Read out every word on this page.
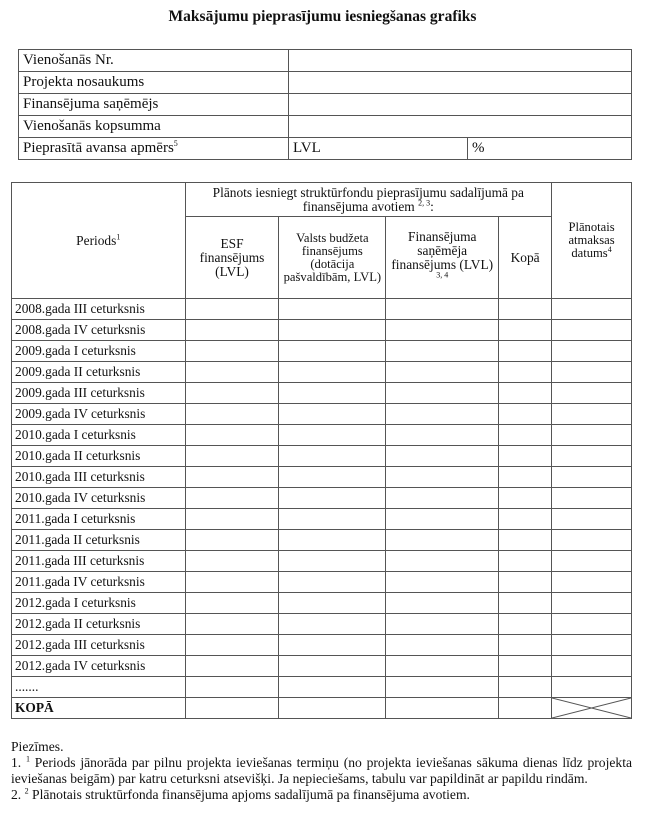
Maksājumu pieprasījumu iesniegšanas grafiks
Vienošanās Nr.		
Projekta nosaukums		
Finansējuma saņēmējs		
Vienošanās kopsumma		
Pieprasītā avansa apmērs$^5$	LVL	%
Periods$^1$	Plānots iesniegt struktūrfondu pieprasījumu sadalījumā pa finansējuma avotiem $^{2, 3}$:				Plānotais atmaksas datums$^4$
	ESF finansējums (LVL)	Valsts budžeta finansējums (dotācija pašvaldībām, LVL)	Finansējuma saņēmēja finansējums (LVL) $^{3, 4}$	Kopā	
2008.gada III ceturksnis					
2008.gada IV ceturksnis					
2009.gada I ceturksnis					
2009.gada II ceturksnis					
2009.gada III ceturksnis					
2009.gada IV ceturksnis					
2010.gada I ceturksnis					
2010.gada II ceturksnis					
2010.gada III ceturksnis					
2010.gada IV ceturksnis					
2011.gada I ceturksnis					
2011.gada II ceturksnis					
2011.gada III ceturksnis					
2011.gada IV ceturksnis					
2012.gada I ceturksnis					
2012.gada II ceturksnis					
2012.gada III ceturksnis					
2012.gada IV ceturksnis					
.......					
KOPĀ					

Piezīmes.

1. $^1$ Periods jānorāda par pilnu projekta ieviešanas termiņu (no projekta ieviešanas sākuma dienas līdz projekta ieviešanas beigām) par katru ceturksni atsevišķi. Ja nepieciešams, tabulu var papildināt ar papildu rindām.

2. $^2$ Plānotais struktūrfonda finansējuma apjoms sadalījumā pa finansējuma avotiem.
